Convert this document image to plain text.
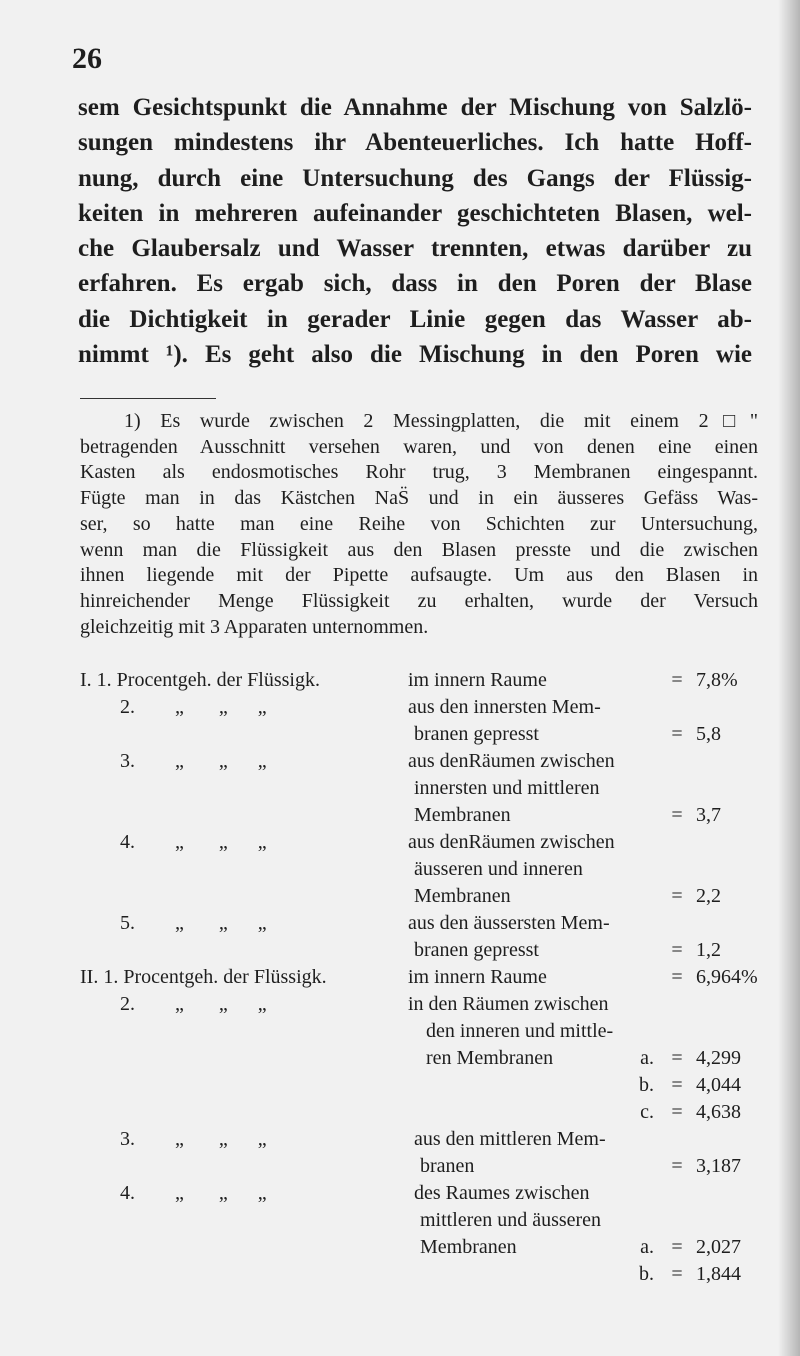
26
sem Gesichtspunkt die Annahme der Mischung von Salzlö-
sungen mindestens ihr Abenteuerliches. Ich hatte Hoff-
nung, durch eine Untersuchung des Gangs der Flüssig-
keiten in mehreren aufeinander geschichteten Blasen, wel-
che Glaubersalz und Wasser trennten, etwas darüber zu
erfahren. Es ergab sich, dass in den Poren der Blase
die Dichtigkeit in gerader Linie gegen das Wasser ab-
nimmt ¹). Es geht also die Mischung in den Poren wie
1) Es wurde zwischen 2 Messingplatten, die mit einem 2□"
betragenden Ausschnitt versehen waren, und von denen eine einen
Kasten als endosmotisches Rohr trug, 3 Membranen eingespannt.
Fügte man in das Kästchen NaS̈ und in ein äusseres Gefäss Was-
ser, so hatte man eine Reihe von Schichten zur Untersuchung,
wenn man die Flüssigkeit aus den Blasen presste und die zwischen
ihnen liegende mit der Pipette aufsaugte. Um aus den Blasen in
hinreichender Menge Flüssigkeit zu erhalten, wurde der Versuch
gleichzeitig mit 3 Apparaten unternommen.
I. 1. Procentgeh. der Flüssigk.	im innern Raume	= 7,8%
2.        „       „      „	aus den innersten Mem-
branen gepresst	= 5,8
3.        „       „      „	aus denRäumen zwischen
innersten und mittleren
Membranen	= 3,7
4.        „       „      „	aus denRäumen zwischen
äusseren und inneren
Membranen	= 2,2
5.        „       „      „	aus den äussersten Mem-
branen gepresst	= 1,2
II. 1. Procentgeh. der Flüssigk.	im innern Raume	= 6,964%
2.        „       „      „	in den Räumen zwischen
den inneren und mittle-
ren Membranen	a. = 4,299
b. = 4,044
c. = 4,638
3.        „       „      „	aus den mittleren Mem-
branen	= 3,187
4.        „       „      „	des Raumes zwischen
mittleren und äusseren
Membranen	a. = 2,027
b. = 1,844
